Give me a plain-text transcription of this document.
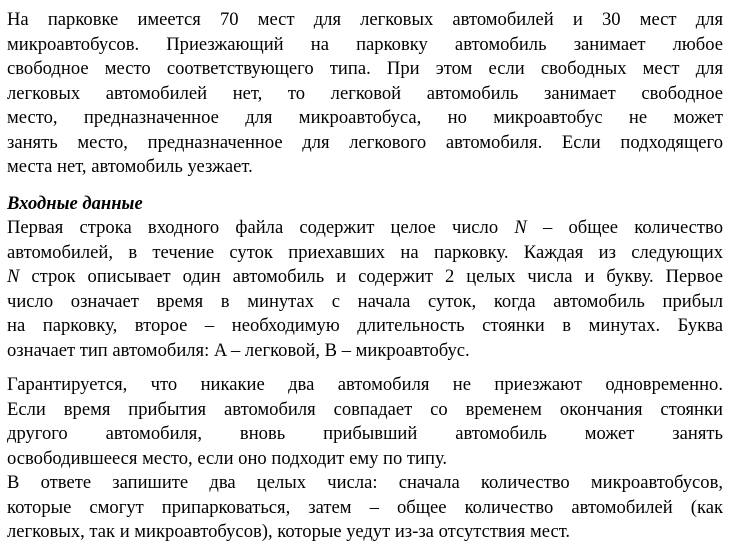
На парковке имеется 70 мест для легковых автомобилей и 30 мест для
микроавтобусов. Приезжающий на парковку автомобиль занимает любое
свободное место соответствующего типа. При этом если свободных мест для
легковых автомобилей нет, то легковой автомобиль занимает свободное
место, предназначенное для микроавтобуса, но микроавтобус не может
занять место, предназначенное для легкового автомобиля. Если подходящего
места нет, автомобиль уезжает.

Входные данные

Первая строка входного файла содержит целое число N – общее количество
автомобилей, в течение суток приехавших на парковку. Каждая из следующих
N строк описывает один автомобиль и содержит 2 целых числа и букву. Первое
число означает время в минутах с начала суток, когда автомобиль прибыл
на парковку, второе – необходимую длительность стоянки в минутах. Буква
означает тип автомобиля: A – легковой, B – микроавтобус.

Гарантируется, что никакие два автомобиля не приезжают одновременно.
Если время прибытия автомобиля совпадает со временем окончания стоянки
другого автомобиля, вновь прибывший автомобиль может занять
освободившееся место, если оно подходит ему по типу.

В ответе запишите два целых числа: сначала количество микроавтобусов,
которые смогут припарковаться, затем – общее количество автомобилей (как
легковых, так и микроавтобусов), которые уедут из-за отсутствия мест.
